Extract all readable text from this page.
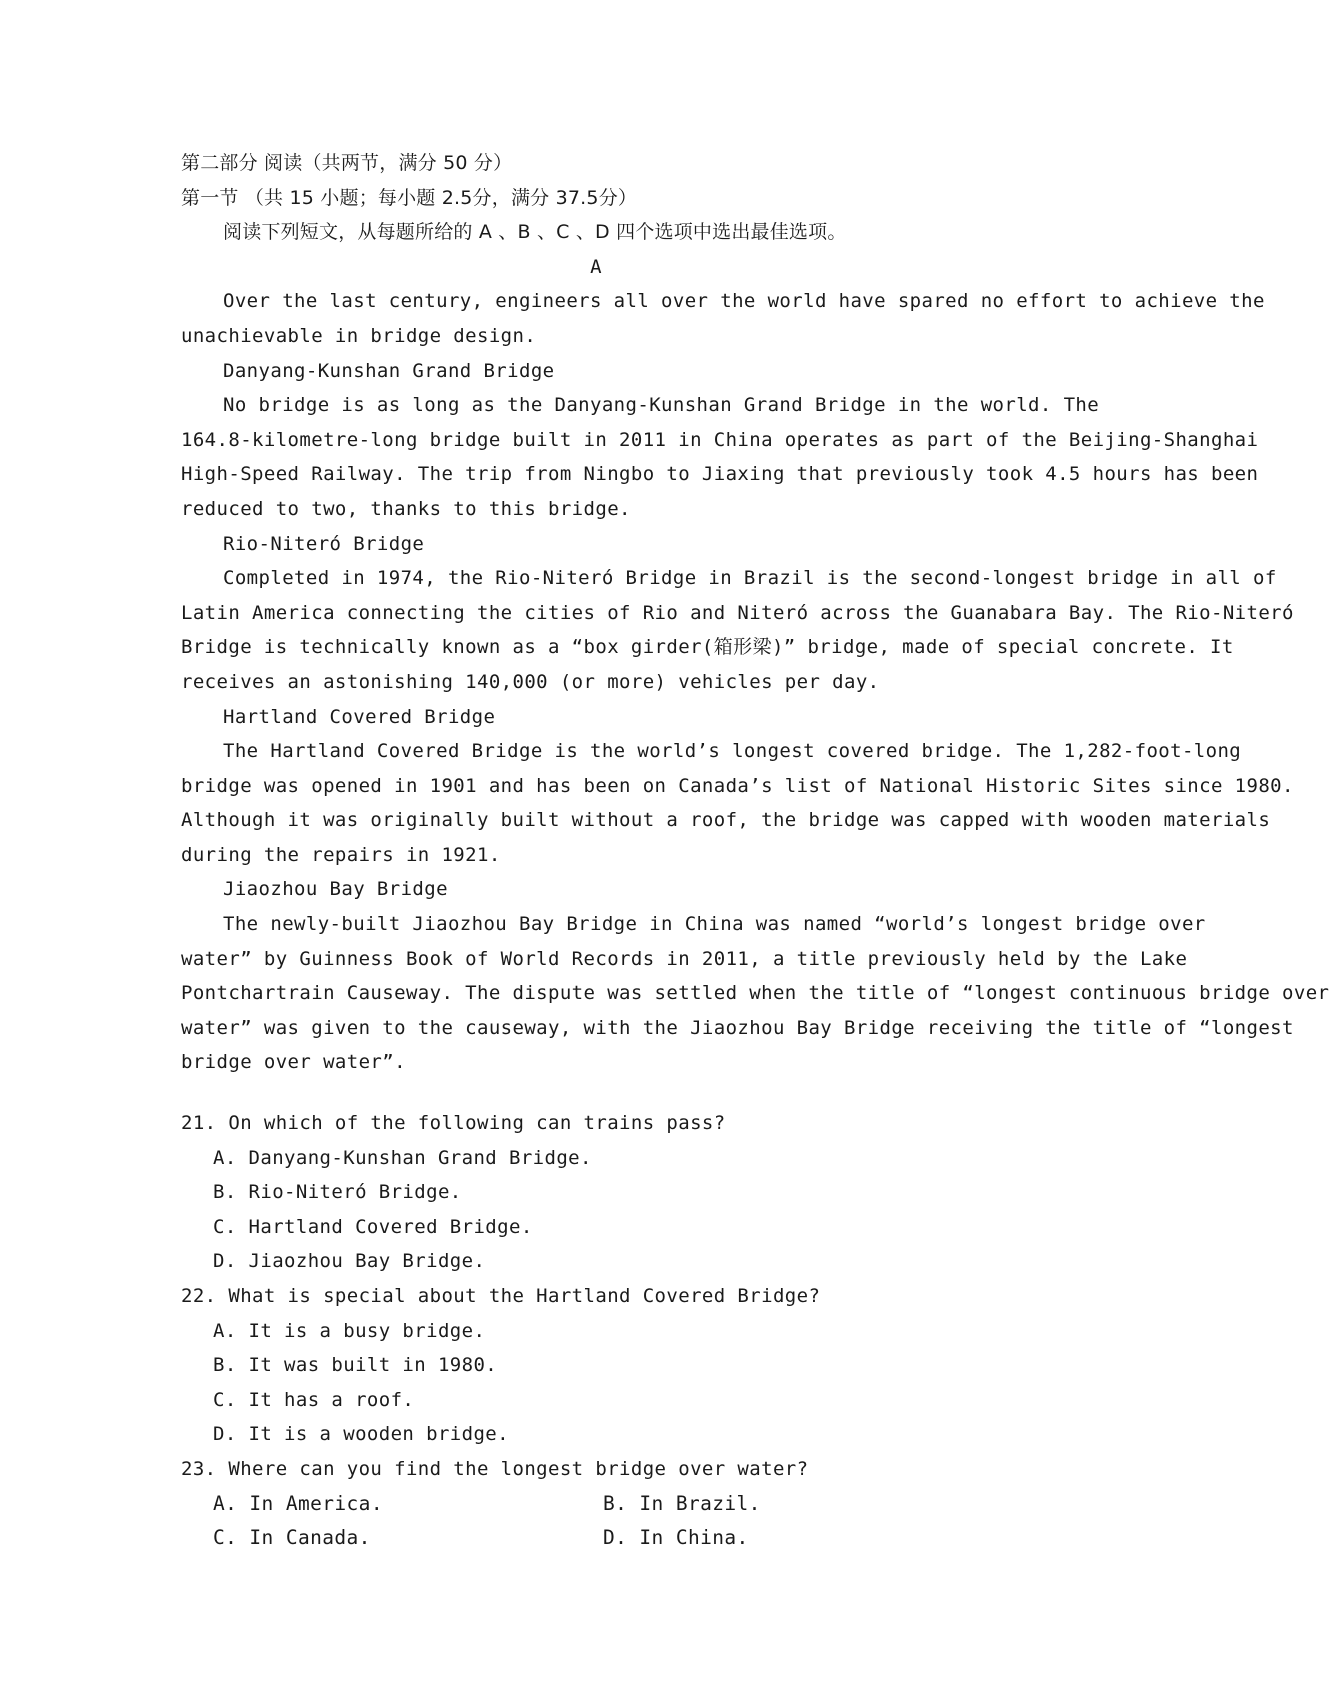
第二部分 阅读（共两节，满分 50 分）
第一节 （共 15 小题；每小题 2.5分，满分 37.5分）
阅读下列短文，从每题所给的 A 、B 、C 、D 四个选项中选出最佳选项。
A
Over the last century, engineers all over the world have spared no effort to achieve the
unachievable in bridge design.
Danyang-Kunshan Grand Bridge
No bridge is as long as the Danyang-Kunshan Grand Bridge in the world. The
164.8-kilometre-long bridge built in 2011 in China operates as part of the Beijing-Shanghai
High-Speed Railway. The trip from Ningbo to Jiaxing that previously took 4.5 hours has been
reduced to two, thanks to this bridge.
Rio-Niteró Bridge
Completed in 1974, the Rio-Niteró Bridge in Brazil is the second-longest bridge in all of
Latin America connecting the cities of Rio and Niteró across the Guanabara Bay. The Rio-Niteró
Bridge is technically known as a “box girder(箱形梁)” bridge, made of special concrete. It
receives an astonishing 140,000 (or more) vehicles per day.
Hartland Covered Bridge
The Hartland Covered Bridge is the world’s longest covered bridge. The 1,282-foot-long
bridge was opened in 1901 and has been on Canada’s list of National Historic Sites since 1980.
Although it was originally built without a roof, the bridge was capped with wooden materials
during the repairs in 1921.
Jiaozhou Bay Bridge
The newly-built Jiaozhou Bay Bridge in China was named “world’s longest bridge over
water” by Guinness Book of World Records in 2011, a title previously held by the Lake
Pontchartrain Causeway. The dispute was settled when the title of “longest continuous bridge over
water” was given to the causeway, with the Jiaozhou Bay Bridge receiving the title of “longest
bridge over water”.
21. On which of the following can trains pass?
A. Danyang-Kunshan Grand Bridge.
B. Rio-Niteró Bridge.
C. Hartland Covered Bridge.
D. Jiaozhou Bay Bridge.
22. What is special about the Hartland Covered Bridge?
A. It is a busy bridge.
B. It was built in 1980.
C. It has a roof.
D. It is a wooden bridge.
23. Where can you find the longest bridge over water?
A. In America.	B. In Brazil.
C. In Canada.	D. In China.
